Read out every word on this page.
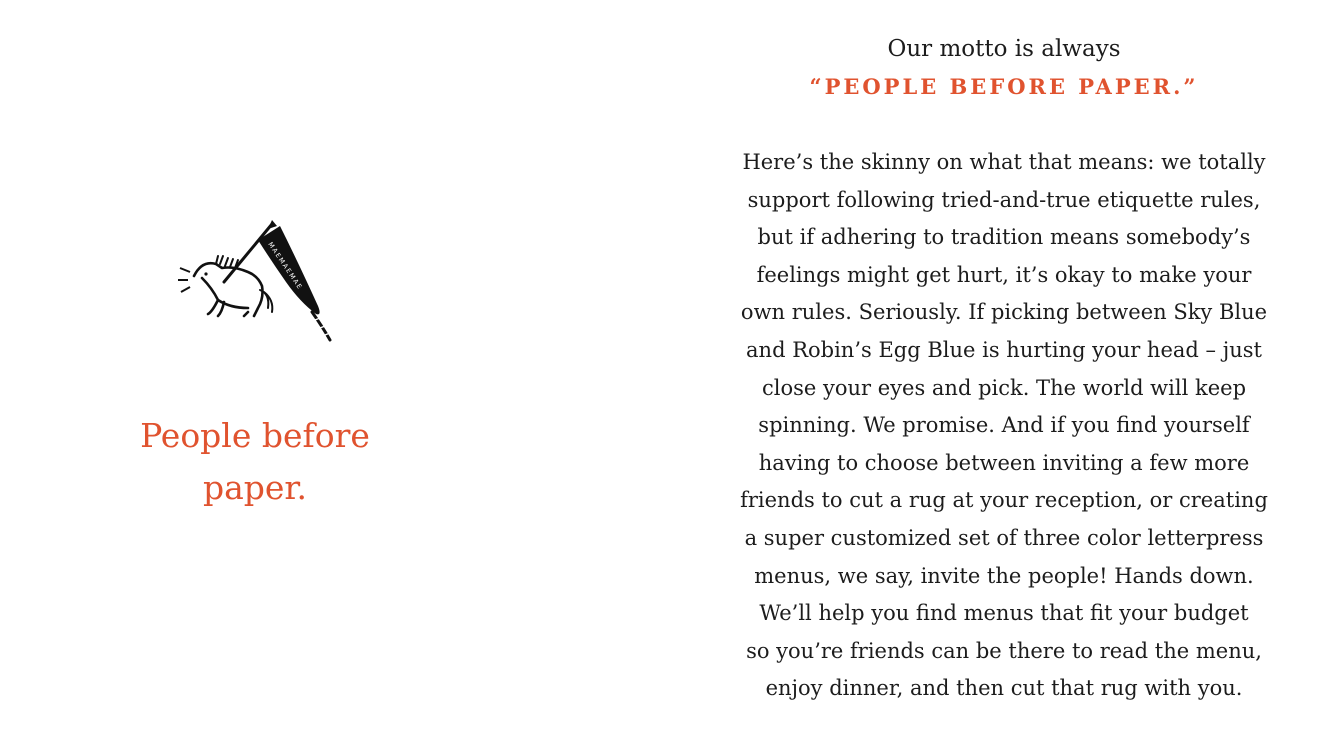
MAEMAEMAE
People before
paper.

Our motto is always

“PEOPLE BEFORE PAPER.”

Here’s the skinny on what that means: we totally
support following tried-and-true etiquette rules,
but if adhering to tradition means somebody’s
feelings might get hurt, it’s okay to make your
own rules. Seriously. If picking between Sky Blue
and Robin’s Egg Blue is hurting your head – just
close your eyes and pick. The world will keep
spinning. We promise. And if you find yourself
having to choose between inviting a few more
friends to cut a rug at your reception, or creating
a super customized set of three color letterpress
menus, we say, invite the people! Hands down.
We’ll help you find menus that fit your budget
so you’re friends can be there to read the menu,
enjoy dinner, and then cut that rug with you.
